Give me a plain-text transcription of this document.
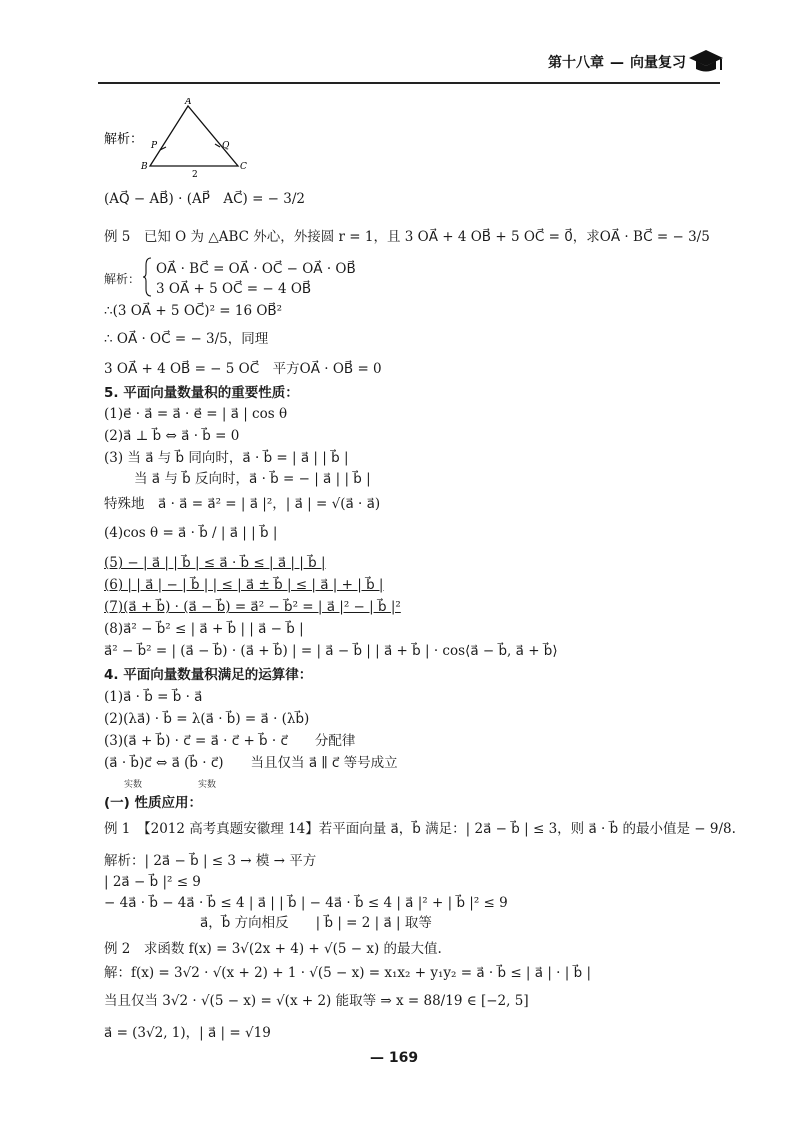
第十八章 — 向量复习
解析：
A
B	C
P	Q
2
(AQ⃗ − AB⃗) · (AP⃗　AC⃗) = − 3/2
例 5　已知 O 为 △ABC 外心，外接圆 r = 1，且 3 OA⃗ + 4 OB⃗ + 5 OC⃗ = 0⃗，求OA⃗ · BC⃗ = − 3/5
OA⃗ · BC⃗ = OA⃗ · OC⃗ − OA⃗ · OB⃗
3 OA⃗ + 5 OC⃗ = − 4 OB⃗
解析：
∴(3 OA⃗ + 5 OC⃗)² = 16 OB⃗²
∴ OA⃗ · OC⃗ = − 3/5，同理
3 OA⃗ + 4 OB⃗ = − 5 OC⃗　平方OA⃗ · OB⃗ = 0
5. 平面向量数量积的重要性质：
(1)e⃗ · a⃗ = a⃗ · e⃗ = | a⃗ | cos θ
(2)a⃗ ⊥ b⃗ ⇔ a⃗ · b⃗ = 0
(3) 当 a⃗ 与 b⃗ 同向时，a⃗ · b⃗ = | a⃗ | | b⃗ |
当 a⃗ 与 b⃗ 反向时，a⃗ · b⃗ = − | a⃗ | | b⃗ |
特殊地　a⃗ · a⃗ = a⃗² = | a⃗ |²，| a⃗ | = √(a⃗ · a⃗)
(4)cos θ = a⃗ · b⃗ / | a⃗ | | b⃗ |
(5) − | a⃗ | | b⃗ | ≤ a⃗ · b⃗ ≤ | a⃗ | | b⃗ |
(6) | | a⃗ | − | b⃗ | | ≤ | a⃗ ± b⃗ | ≤ | a⃗ | + | b⃗ |
(7)(a⃗ + b⃗) · (a⃗ − b⃗) = a⃗² − b⃗² = | a⃗ |² − | b⃗ |²
(8)a⃗² − b⃗² ≤ | a⃗ + b⃗ | | a⃗ − b⃗ |
a⃗² − b⃗² = | (a⃗ − b⃗) · (a⃗ + b⃗) | = | a⃗ − b⃗ | | a⃗ + b⃗ | · cos⟨a⃗ − b⃗, a⃗ + b⃗⟩
4. 平面向量数量积满足的运算律：
(1)a⃗ · b⃗ = b⃗ · a⃗
(2)(λa⃗) · b⃗ = λ(a⃗ · b⃗) = a⃗ · (λb⃗)
(3)(a⃗ + b⃗) · c⃗ = a⃗ · c⃗ + b⃗ · c⃗　　分配律
(a⃗ · b⃗)c⃗ ⇔ a⃗ (b⃗ · c⃗)　　当且仅当 a⃗ ∥ c⃗ 等号成立
实数	实数
(一) 性质应用：
例 1　【2012 高考真题安徽理 14】若平面向量 a⃗，b⃗ 满足：| 2a⃗ − b⃗ | ≤ 3，则 a⃗ · b⃗ 的最小值是 − 9/8.
解析：| 2a⃗ − b⃗ | ≤ 3 → 模 → 平方
| 2a⃗ − b⃗ |² ≤ 9
− 4a⃗ · b⃗ − 4a⃗ · b⃗ ≤ 4 | a⃗ | | b⃗ | − 4a⃗ · b⃗ ≤ 4 | a⃗ |² + | b⃗ |² ≤ 9
a⃗，b⃗ 方向相反　　| b⃗ | = 2 | a⃗ | 取等
例 2　求函数 f(x) = 3√(2x + 4) + √(5 − x) 的最大值.
解：f(x) = 3√2 · √(x + 2) + 1 · √(5 − x) = x₁x₂ + y₁y₂ = a⃗ · b⃗ ≤ | a⃗ | · | b⃗ |
当且仅当 3√2 · √(5 − x) = √(x + 2) 能取等 ⇒ x = 88/19 ∈ [−2, 5]
a⃗ = (3√2, 1)，| a⃗ | = √19
— 169
